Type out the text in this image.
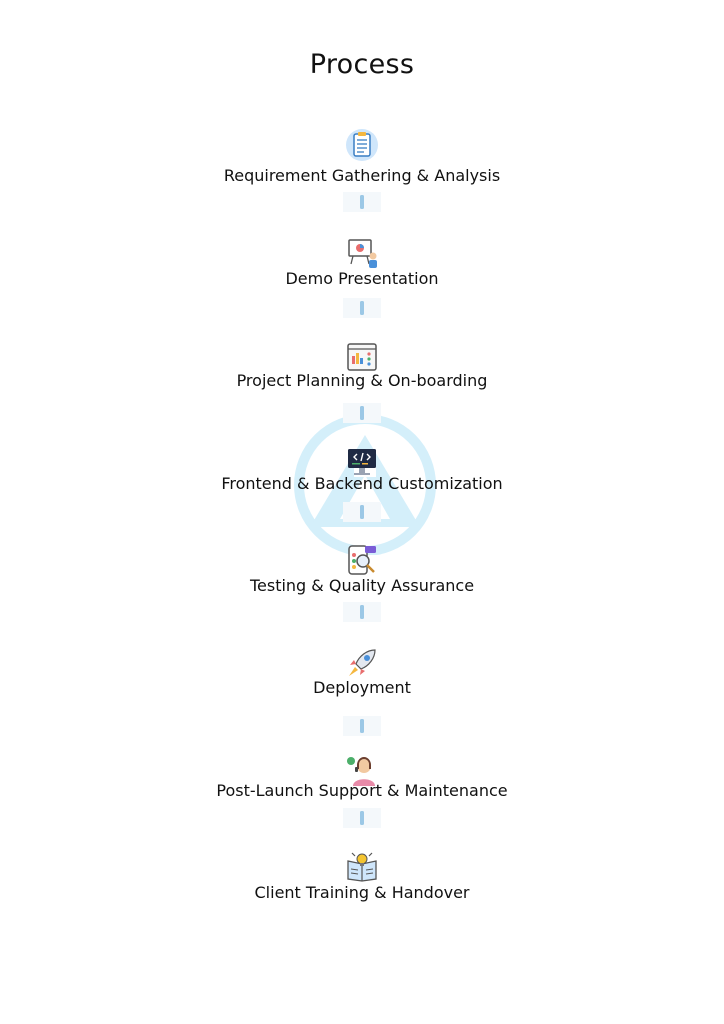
Process
Requirement Gathering & Analysis
Demo Presentation
Project Planning & On-boarding
Frontend & Backend Customization
Testing & Quality Assurance
Deployment
Post-Launch Support & Maintenance
Client Training & Handover
